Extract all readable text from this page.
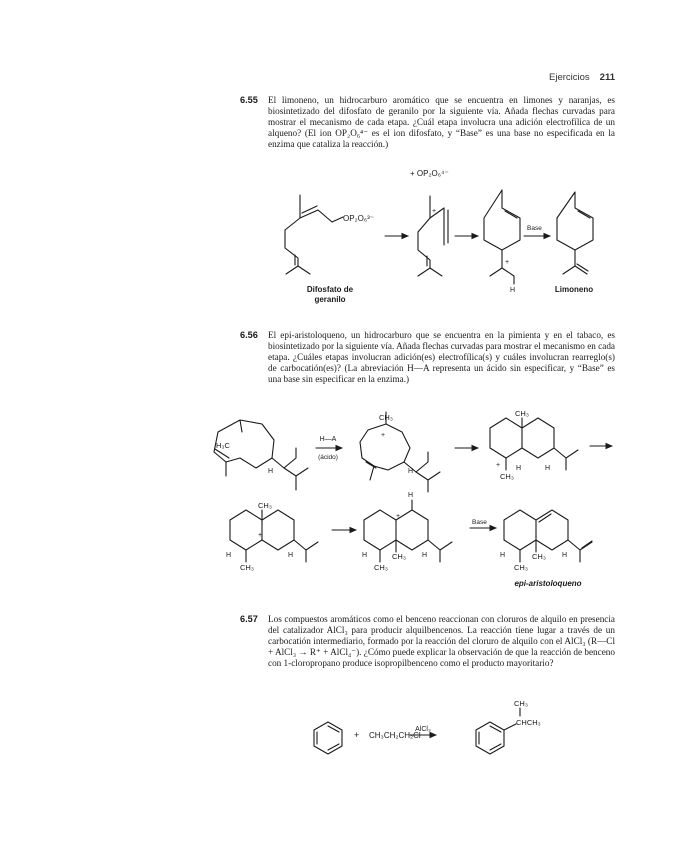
Ejercicios 211
6.55 El limoneno, un hidrocarburo aromático que se encuentra en limones y naranjas, es biosintetizado del difosfato de geranilo por la siguiente vía. Añada flechas curvadas para mostrar el mecanismo de cada etapa. ¿Cuál etapa involucra una adición electrofílica de un alqueno? (El ion OP₂O₆⁴⁻ es el ion difosfato, y “Base” es una base no especificada en la enzima que cataliza la reacción.)

6.56 El epi-aristoloqueno, un hidrocarburo que se encuentra en la pimienta y en el tabaco, es biosintetizado por la siguiente vía. Añada flechas curvadas para mostrar el mecanismo en cada etapa. ¿Cuáles etapas involucran adición(es) electrofílica(s) y cuáles involucran rearreglo(s) de carbocatión(es)? (La abreviación H—A representa un ácido sin especificar, y “Base” es una base sin especificar en la enzima.)

6.57 Los compuestos aromáticos como el benceno reaccionan con cloruros de alquilo en presencia del catalizador AlCl₃ para producir alquilbencenos. La reacción tiene lugar a través de un carbocatión intermediario, formado por la reacción del cloruro de alquilo con el AlCl₃ (R—Cl + AlCl₃ → R⁺ + AlCl₄⁻). ¿Cómo puede explicar la observación de que la reacción de benceno con 1-cloropropano produce isopropilbenceno como el producto mayoritario?

+ OP₂O₆⁴⁻
OP₂O₆³⁻
+
+
Base
H
Difosfato de
geranilo
Limoneno
H₃C
H
H—A
(ácido)
CH₃
+
H
CH₃
+ H
CH₃
H
CH₃
+
H
CH₃
H
H
+
H	CH₃
CH₃
H
Base
H	CH₃
CH₃
H
epi-aristoloqueno
+ CH₃CH₂CH₂Cl
AlCl₃
CH₃
CHCH₃
